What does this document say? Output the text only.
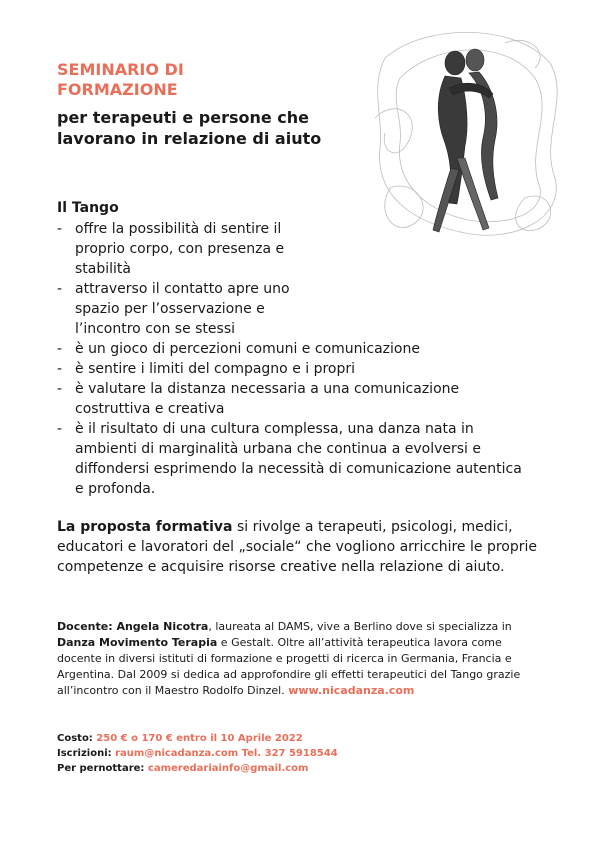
SEMINARIO DI
FORMAZIONE
per terapeuti e persone che lavorano in relazione di aiuto
Il Tango
- offre la possibilità di sentire il proprio corpo, con presenza e stabilità
- attraverso il contatto apre uno spazio per l’osservazione e l’incontro con se stessi
- è un gioco di percezioni comuni e comunicazione
- è sentire i limiti del compagno e i propri
- è valutare la distanza necessaria a una comunicazione costruttiva e creativa
- è il risultato di una cultura complessa, una danza nata in ambienti di marginalità urbana che continua a evolversi e diffondersi esprimendo la necessità di comunicazione autentica e profonda.

La proposta formativa si rivolge a terapeuti, psicologi, medici, educatori e lavoratori del „sociale“ che vogliono arricchire le proprie competenze e acquisire risorse creative nella relazione di aiuto.

Docente: Angela Nicotra, laureata al DAMS, vive a Berlino dove si specializza in Danza Movimento Terapia e Gestalt. Oltre all’attività terapeutica lavora come docente in diversi istituti di formazione e progetti di ricerca in Germania, Francia e Argentina. Dal 2009 si dedica ad approfondire gli effetti terapeutici del Tango grazie all’incontro con il Maestro Rodolfo Dinzel. www.nicadanza.com

Costo: 250 € o 170 € entro il 10 Aprile 2022
Iscrizioni: raum@nicadanza.com Tel. 327 5918544
Per pernottare: cameredariainfo@gmail.com
